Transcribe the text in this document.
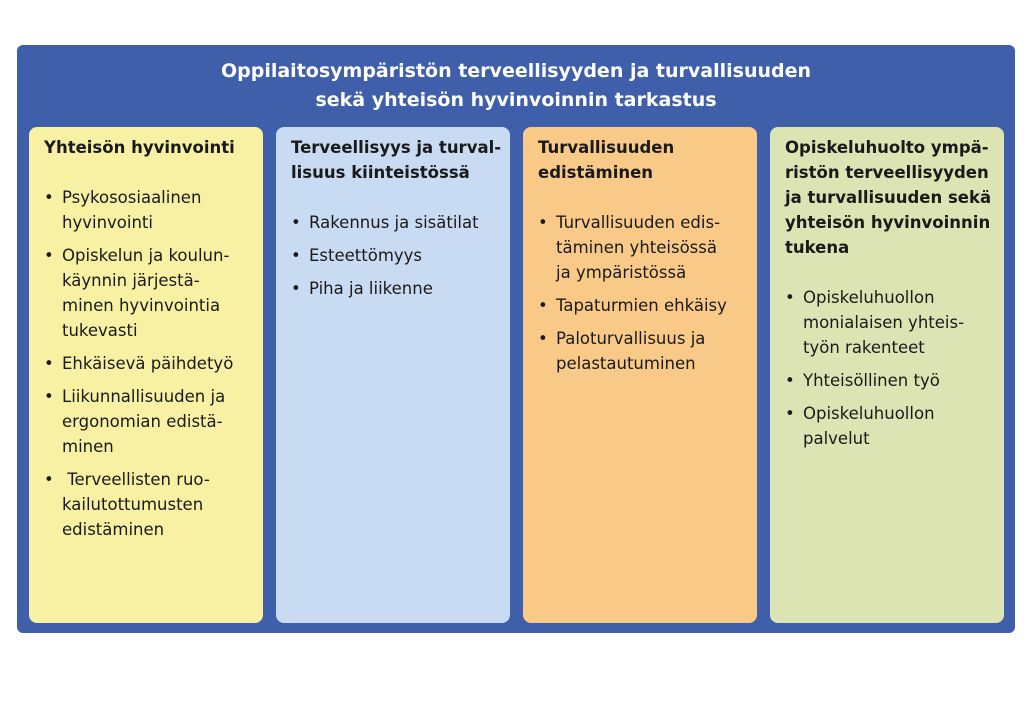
Oppilaitosympäristön terveellisyyden ja turvallisuuden
sekä yhteisön hyvinvoinnin tarkastus
Yhteisön hyvinvointi
• Psykososiaalinen
hyvinvointi
• Opiskelun ja koulun-
käynnin järjestä-
minen hyvinvointia
tukevasti
• Ehkäisevä päihdetyö
• Liikunnallisuuden ja
ergonomian edistä-
minen
•  Terveellisten ruo-
kailutottumusten
edistäminen
Terveellisyys ja turval-
lisuus kiinteistössä
• Rakennus ja sisätilat
• Esteettömyys
• Piha ja liikenne
Turvallisuuden
edistäminen
• Turvallisuuden edis-
täminen yhteisössä
ja ympäristössä
• Tapaturmien ehkäisy
• Paloturvallisuus ja
pelastautuminen
Opiskeluhuolto ympä-
ristön terveellisyyden
ja turvallisuuden sekä
yhteisön hyvinvoinnin
tukena
• Opiskeluhuollon
monialaisen yhteis-
työn rakenteet
• Yhteisöllinen työ
• Opiskeluhuollon
palvelut
